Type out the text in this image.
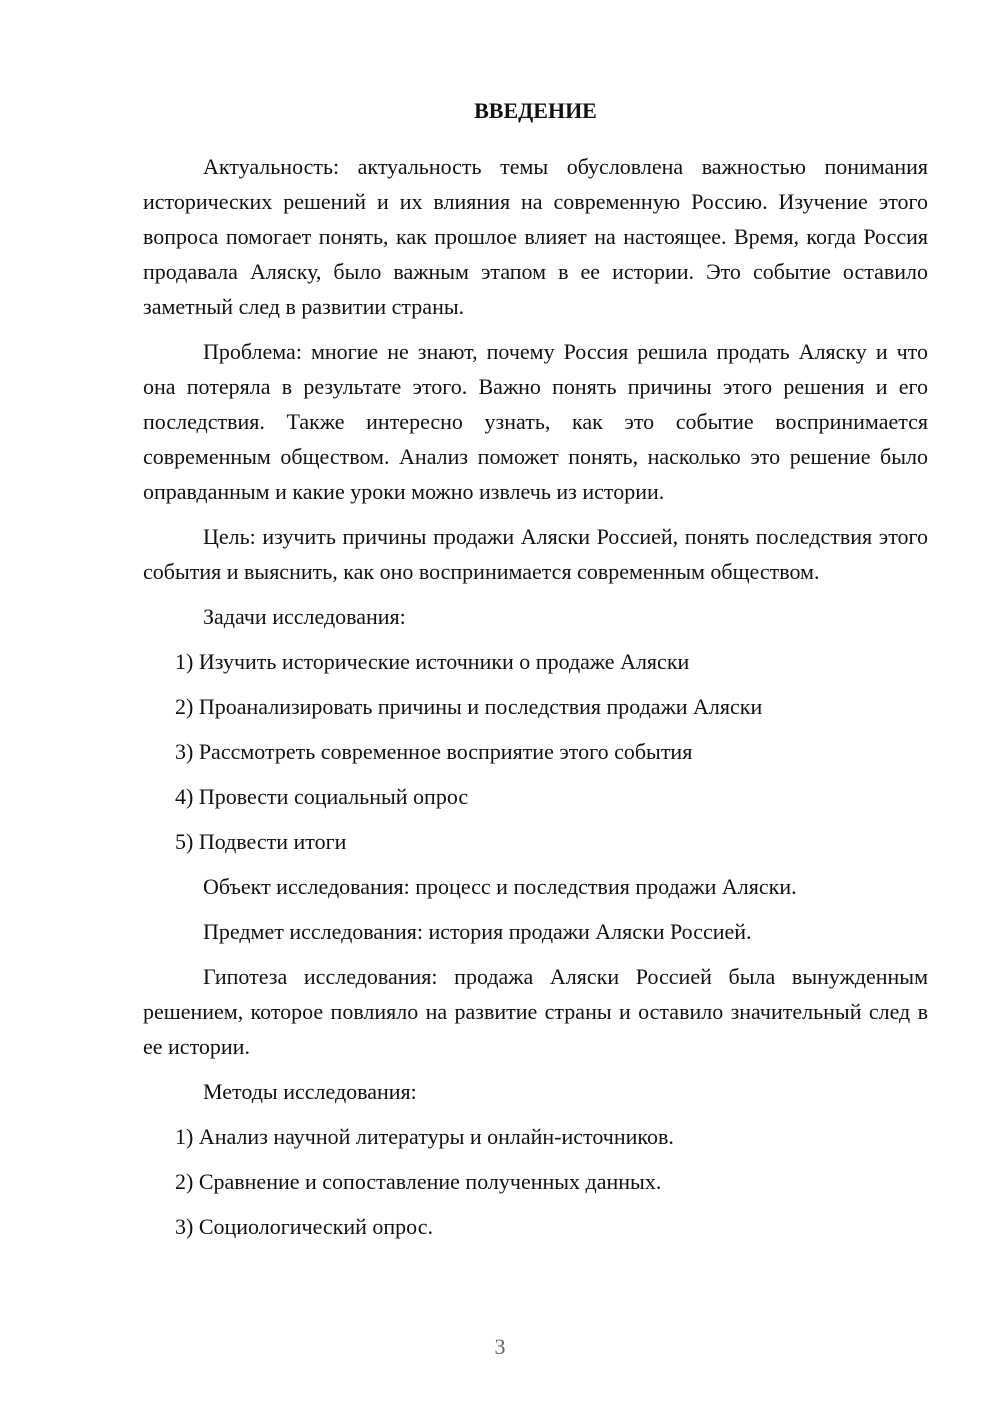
ВВЕДЕНИЕ

Актуальность: актуальность темы обусловлена важностью понимания исторических решений и их влияния на современную Россию. Изучение этого вопроса помогает понять, как прошлое влияет на настоящее. Время, когда Россия продавала Аляску, было важным этапом в ее истории. Это событие оставило заметный след в развитии страны.

Проблема: многие не знают, почему Россия решила продать Аляску и что она потеряла в результате этого. Важно понять причины этого решения и его последствия. Также интересно узнать, как это событие воспринимается современным обществом. Анализ поможет понять, насколько это решение было оправданным и какие уроки можно извлечь из истории.

Цель: изучить причины продажи Аляски Россией, понять последствия этого события и выяснить, как оно воспринимается современным обществом.

Задачи исследования:

1) Изучить исторические источники о продаже Аляски
2) Проанализировать причины и последствия продажи Аляски
3) Рассмотреть современное восприятие этого события
4) Провести социальный опрос
5) Подвести итоги

Объект исследования: процесс и последствия продажи Аляски.

Предмет исследования: история продажи Аляски Россией.

Гипотеза исследования: продажа Аляски Россией была вынужденным решением, которое повлияло на развитие страны и оставило значительный след в ее истории.

Методы исследования:

1) Анализ научной литературы и онлайн-источников.
2) Сравнение и сопоставление полученных данных.
3) Социологический опрос.
3
